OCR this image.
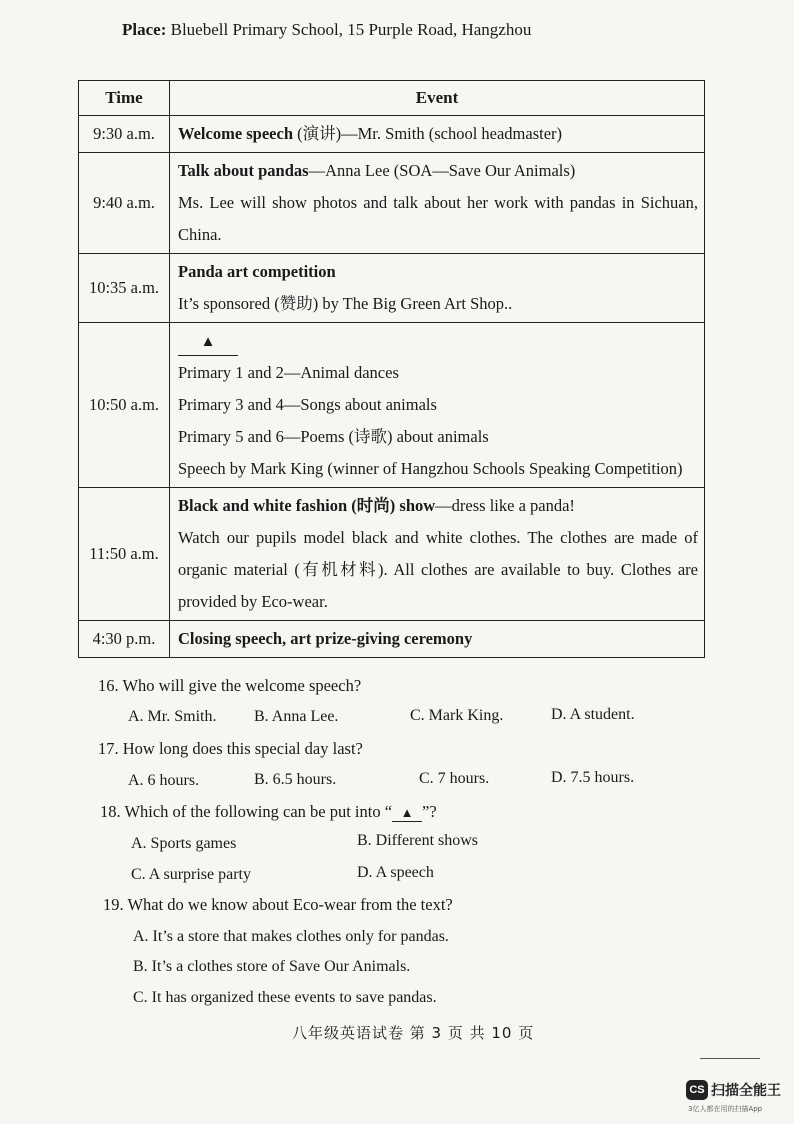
Place: Bluebell Primary School, 15 Purple Road, Hangzhou
Time	Event
9:30 a.m.	Welcome speech (演讲)—Mr. Smith (school headmaster)
9:40 a.m.	Talk about pandas—Anna Lee (SOA—Save Our Animals)
Ms. Lee will show photos and talk about her work with pandas in Sichuan, China.

10:35 a.m.	Panda art competition
It’s sponsored (赞助) by The Big Green Art Shop..

10:50 a.m.	▲
Primary 1 and 2—Animal dances
Primary 3 and 4—Songs about animals
Primary 5 and 6—Poems (诗歌) about animals
Speech by Mark King (winner of Hangzhou Schools Speaking Competition)

11:50 a.m.	Black and white fashion (时尚) show—dress like a panda!
Watch our pupils model black and white clothes. The clothes are made of organic material (有机材料). All clothes are available to buy. Clothes are provided by Eco-wear.

4:30 p.m.	Closing speech, art prize-giving ceremony
16. Who will give the welcome speech?
A. Mr. Smith. B. Anna Lee.	C. Mark King.	D. A student.
17. How long does this special day last?
A. 6 hours.	B. 6.5 hours.	C. 7 hours.	D. 7.5 hours.
18. Which of the following can be put into “ ▲ ”?
A. Sports games	B. Different shows
C. A surprise party	D. A speech
19. What do we know about Eco-wear from the text?
A. It’s a store that makes clothes only for pandas.
B. It’s a clothes store of Save Our Animals.
C. It has organized these events to save pandas.
八年级英语试卷 第 3 页 共 10 页
CS 扫描全能王
3亿人都在用的扫描App
